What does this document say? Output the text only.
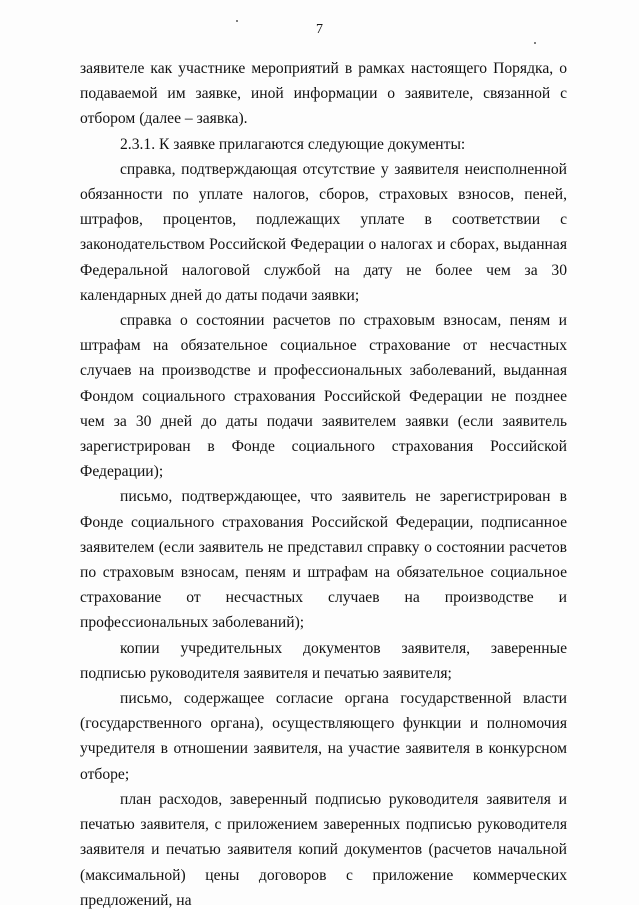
7

заявителе как участнике мероприятий в рамках настоящего Порядка, о подаваемой им заявке, иной информации о заявителе, связанной с отбором (далее – заявка).

2.3.1. К заявке прилагаются следующие документы:

справка, подтверждающая отсутствие у заявителя неисполненной обязанности по уплате налогов, сборов, страховых взносов, пеней, штрафов, процентов, подлежащих уплате в соответствии с законодательством Российской Федерации о налогах и сборах, выданная Федеральной налоговой службой на дату не более чем за 30 календарных дней до даты подачи заявки;

справка о состоянии расчетов по страховым взносам, пеням и штрафам на обязательное социальное страхование от несчастных случаев на производстве и профессиональных заболеваний, выданная Фондом социального страхования Российской Федерации не позднее чем за 30 дней до даты подачи заявителем заявки (если заявитель зарегистрирован в Фонде социального страхования Российской Федерации);

письмо, подтверждающее, что заявитель не зарегистрирован в Фонде социального страхования Российской Федерации, подписанное заявителем (если заявитель не представил справку о состоянии расчетов по страховым взносам, пеням и штрафам на обязательное социальное страхование от несчастных случаев на производстве и профессиональных заболеваний);

копии учредительных документов заявителя, заверенные подписью руководителя заявителя и печатью заявителя;

письмо, содержащее согласие органа государственной власти (государственного органа), осуществляющего функции и полномочия учредителя в отношении заявителя, на участие заявителя в конкурсном отборе;

план расходов, заверенный подписью руководителя заявителя и печатью заявителя, с приложением заверенных подписью руководителя заявителя и печатью заявителя копий документов (расчетов начальной (максимальной) цены договоров с приложение коммерческих предложений, на
